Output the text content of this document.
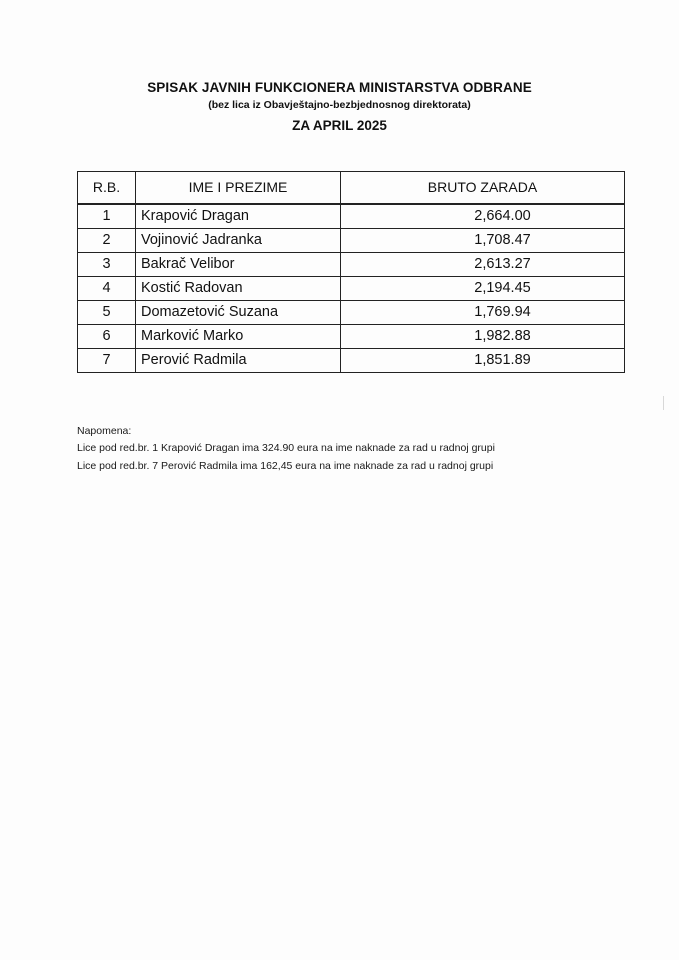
SPISAK JAVNIH FUNKCIONERA MINISTARSTVA ODBRANE
(bez lica iz Obavještajno-bezbjednosnog direktorata)
ZA APRIL 2025
R.B.	IME I PREZIME	BRUTO ZARADA
1	Krapović Dragan	2,664.00
2	Vojinović Jadranka	1,708.47
3	Bakrač Velibor	2,613.27
4	Kostić Radovan	2,194.45
5	Domazetović Suzana	1,769.94
6	Marković Marko	1,982.88
7	Perović Radmila	1,851.89
Napomena:
Lice pod red.br. 1 Krapović Dragan ima 324.90 eura na ime naknade za rad u radnoj grupi
Lice pod red.br. 7 Perović Radmila ima 162,45 eura na ime naknade za rad u radnoj grupi
